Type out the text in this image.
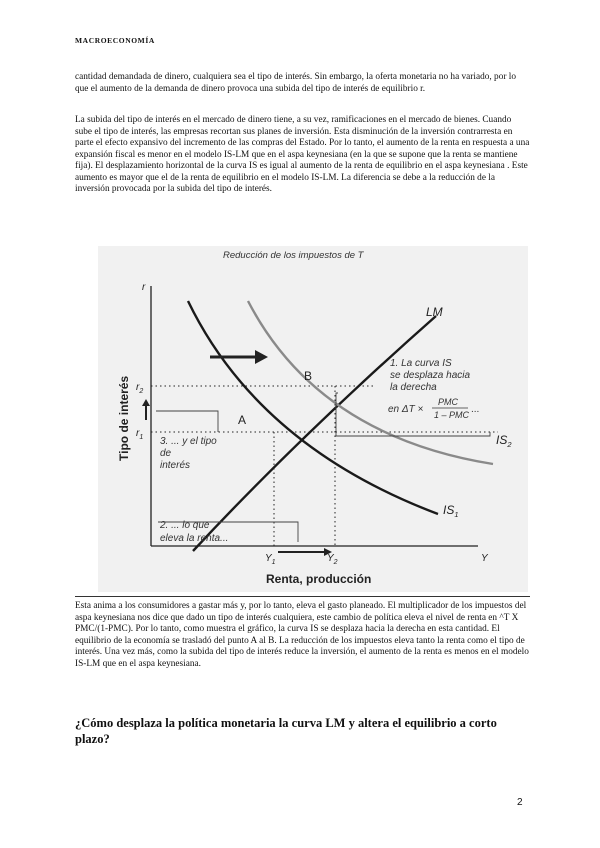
MACROECONOMÍA
cantidad demandada de dinero, cualquiera sea el tipo de interés. Sin embargo, la oferta monetaria no ha variado, por lo que el aumento de la demanda de dinero provoca una subida del tipo de interés de equilibrio r.
La subida del tipo de interés en el mercado de dinero tiene, a su vez, ramificaciones en el mercado de bienes. Cuando sube el tipo de interés, las empresas recortan sus planes de inversión. Esta disminución de la inversión contrarresta en parte el efecto expansivo del incremento de las compras del Estado. Por lo tanto, el aumento de la renta en respuesta a una expansión fiscal es menor en el modelo IS-LM que en el aspa keynesiana (en la que se supone que la renta se mantiene fija). El desplazamiento horizontal de la curva IS es igual al aumento de la renta de equilibrio en el aspa keynesiana . Este aumento es mayor que el de la renta de equilibrio en el modelo IS-LM. La diferencia se debe a la reducción de la inversión provocada por la subida del tipo de interés.
Reducción de los impuestos de T
r
Y
Tipo de interés
Renta, producción
LM
$IS_1$
$IS_2$
A
B
$r_2$
$r_1$
$Y_1$	$Y_2$
1. La curva IS
se desplaza hacia
la derecha
en ΔT ×
PMC
1 – PMC ...
2. ... lo que
eleva la renta...
3. ... y el tipo
de
interés
Esta anima a los consumidores a gastar más y, por lo tanto, eleva el gasto planeado. El multiplicador de los impuestos del aspa keynesiana nos dice que dado un tipo de interés cualquiera, este cambio de política eleva el nivel de renta en ^T X PMC/(1-PMC). Por lo tanto, como muestra el gráfico, la curva IS se desplaza hacia la derecha en esta cantidad. El equilibrio de la economía se trasladó del punto A al B. La reducción de los impuestos eleva tanto la renta como el tipo de interés. Una vez más, como la subida del tipo de interés reduce la inversión, el aumento de la renta es menos en el modelo IS-LM que en el aspa keynesiana.
¿Cómo desplaza la política monetaria la curva LM y altera el equilibrio a corto plazo?
2
